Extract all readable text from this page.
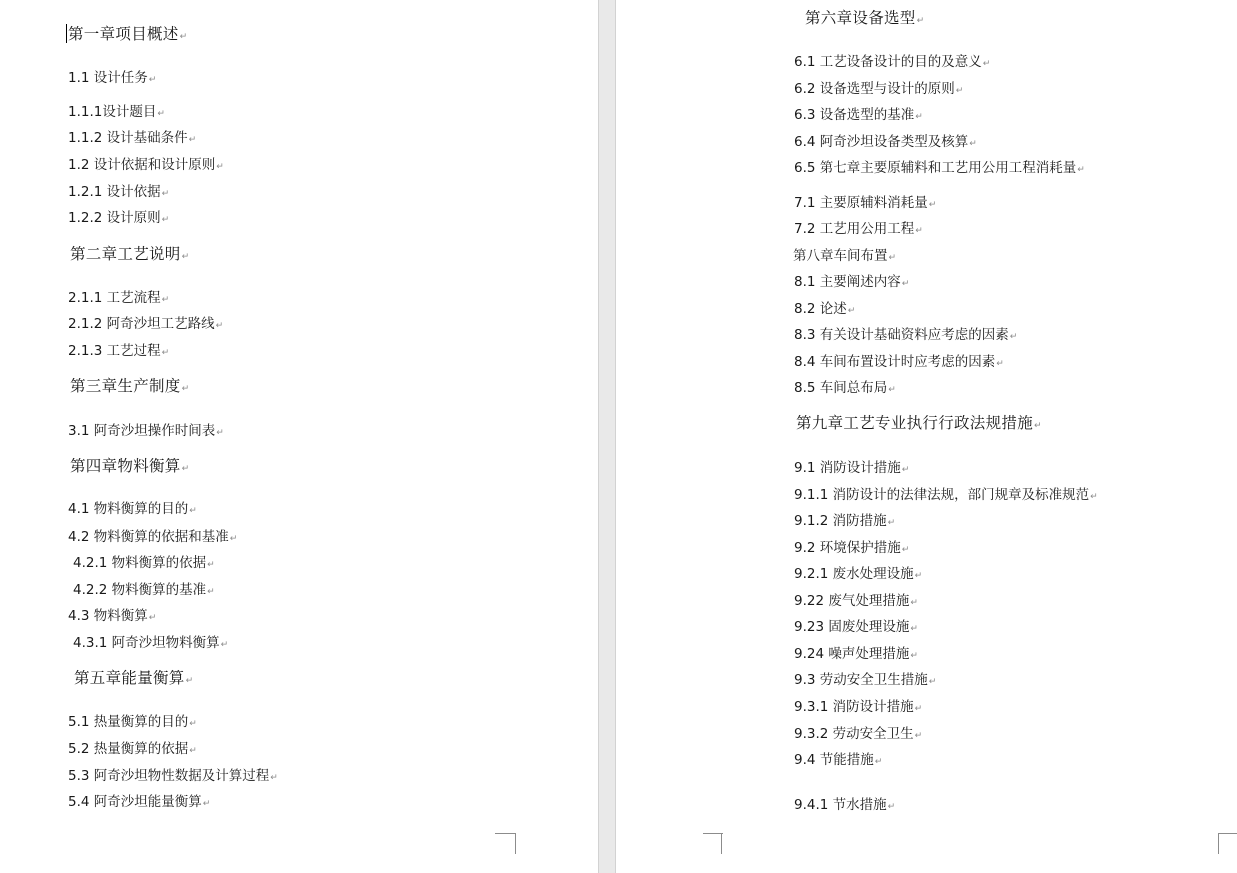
第一章项目概述 ↵
1.1 设计任务 ↵
1.1.1设计题目 ↵
1.1.2 设计基础条件 ↵
1.2 设计依据和设计原则 ↵
1.2.1 设计依据 ↵
1.2.2 设计原则 ↵
第二章工艺说明 ↵
2.1.1 工艺流程 ↵
2.1.2 阿奇沙坦工艺路线 ↵
2.1.3 工艺过程 ↵
第三章生产制度 ↵
3.1 阿奇沙坦操作时间表 ↵
第四章物料衡算 ↵
4.1 物料衡算的目的 ↵
4.2 物料衡算的依据和基准 ↵
4.2.1 物料衡算的依据 ↵
4.2.2 物料衡算的基准 ↵
4.3 物料衡算 ↵
4.3.1 阿奇沙坦物料衡算 ↵
第五章能量衡算 ↵
5.1 热量衡算的目的 ↵
5.2 热量衡算的依据 ↵
5.3 阿奇沙坦物性数据及计算过程 ↵
5.4 阿奇沙坦能量衡算 ↵
第六章设备选型 ↵
6.1 工艺设备设计的目的及意义 ↵
6.2 设备选型与设计的原则 ↵
6.3 设备选型的基准 ↵
6.4 阿奇沙坦设备类型及核算 ↵
6.5 第七章主要原辅料和工艺用公用工程消耗量 ↵
7.1 主要原辅料消耗量 ↵
7.2 工艺用公用工程 ↵
第八章车间布置 ↵
8.1 主要阐述内容 ↵
8.2 论述 ↵
8.3 有关设计基础资料应考虑的因素 ↵
8.4 车间布置设计时应考虑的因素 ↵
8.5 车间总布局 ↵
第九章工艺专业执行行政法规措施 ↵
9.1 消防设计措施 ↵
9.1.1 消防设计的法律法规，部门规章及标准规范 ↵
9.1.2 消防措施 ↵
9.2 环境保护措施 ↵
9.2.1 废水处理设施 ↵
9.22 废气处理措施 ↵
9.23 固废处理设施 ↵
9.24 噪声处理措施 ↵
9.3 劳动安全卫生措施 ↵
9.3.1 消防设计措施 ↵
9.3.2 劳动安全卫生 ↵
9.4 节能措施 ↵
9.4.1 节水措施 ↵
